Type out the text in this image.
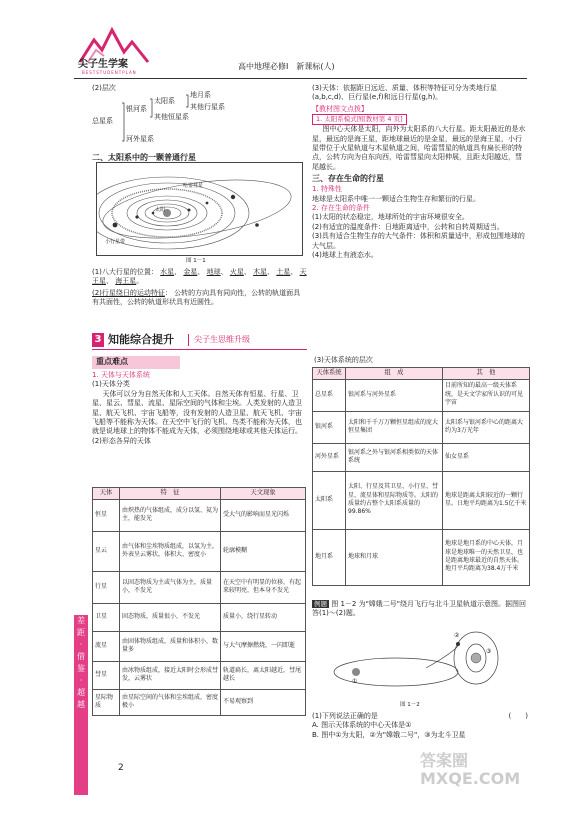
尖子生学案
BESTSTUDENTPLAN
高中地理必修Ⅰ　新课标(人)

(2)层次

总星系
银河系
河外星系
太阳系
其他恒星系
地月系
其他行星系

二、太阳系中的一颗普通行星

太阳
哈雷彗星
小行星带
图 1－1

(1)八大行星的位置： 水星、 金星、 地球、 火星、 木星、 土星、 天王星、 海王星。

(2)行星绕日的运动特征： 公转的方向具有同向性，公转的轨道面具有共面性，公转的轨道形状具有近圆性。

3 知能综合提升	尖子生思维升级
重点难点

1. 天体与天体系统

(1)天体分类

天体可以分为自然天体和人工天体。自然天体有恒星、行星、卫星、星云、彗星、流星、星际空间的气体和尘埃。人类发射的人造卫星、航天飞机、宇宙飞船等，没有发射的人造卫星、航天飞机、宇宙飞船等不能称为天体。在天空中飞行的飞机、鸟类不能称为天体，也就是说地球上的物体不能成为天体，必须围绕地球或其他天体运行。

(2)形态各异的天体

天体	特　征	天文现象
恒星	由炽热的气体组成，成分以氢、氦为主，能发光	受大气的影响而星光闪烁
星云	由气体和尘埃物质组成，以氢为主，外表呈云雾状，体积大、密度小	轮廓模糊
行星	以固态物质为主或气体为主，质量小，不发光	在天空中有明显的位移，有起来较明亮，但本身不发光
卫星	固态物质，质量很小，不发光	质量小，绕行星转动
流星	由固体物质组成，质量和体积小，数量多	与大气摩擦燃烧，一闪即逝
彗星	由冰物质组成，接近太阳时会形成彗发，云雾状	轨道扁长，离太阳越近，彗尾越长
星际物质	由星际空间的气体和尘埃组成，密度极小	不易观察到
差
距
·
借
鉴
·
超
越

(3)天体：依据距日远近、质量、体积等特征可分为类地行星(a,b,c,d)、巨行星(e,f)和远日行星(g,h)。

【教材图文点拨】

1. 太阳系模式图[教材第 4 页]

图中心天体是太阳，向外为太阳系的八大行星。距太阳最近的是水星，最远的是海王星，距地球最近的是金星，最远的是海王星，小行星带位于火星轨道与木星轨道之间，哈雷彗星的轨道具有扁长形的特点，公转方向为自东向西，哈雷彗星向太阳伸展，且距太阳越近，彗尾越长。

三、存在生命的行星

1. 特殊性

地球是太阳系中唯一一颗适合生物生存和繁衍的行星。

2. 存在生命的条件

(1)太阳的状态稳定，地球所处的宇宙环境很安全。

(2)有适宜的温度条件：日地距离适中，公转和自转周期适当。

(3)具有适合生物生存的大气条件：体积和质量适中，形成包围地球的大气层。

(4)地球上有液态水。

(3)天体系统的层次
天体系统	组　成	其　他
总星系	银河系与河外星系	目前所知的最高一级天体系统，是天文学家所认识的可见宇宙
银河系	太阳和千千万万颗恒星组成的庞大恒星集团	太阳系与银河系中心的距离大约为3万光年
河外星系	银河系之外与银河系相类似的天体系统	仙女星系
太阳系	太阳、行星及其卫星、小行星、彗星、流星体和星际物质等。太阳的质量约占整个太阳系质量的99.86%	地球是距离太阳较近的一颗行星。日地平均距离为1.5亿千米
地月系	地球和月球	地球是地月系的中心天体，月球是地球唯一的天然卫星，也是距离地球最近的自然天体。地月平均距离为38.4万千米

例题 图 1－2 为"嫦娥二号"绕月飞行与北斗卫星轨道示意图。据图回答(1)～(2)题。

①
②
③
图 1－2

(1)下列说法正确的是	(　　)

A. 图示天体系统的中心天体是①

B. 图中①为太阳，②为"嫦娥二号"，③为北斗卫星

2	答案圈 MXQE.COM
